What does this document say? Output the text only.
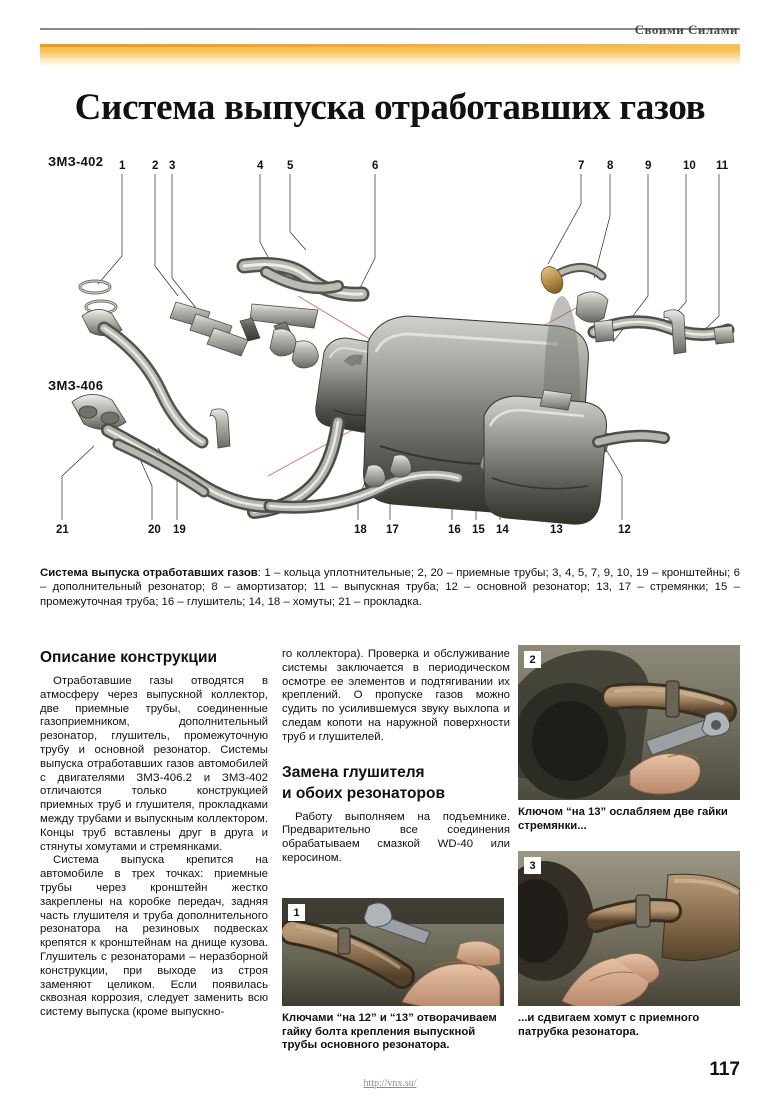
Своими Силами
Система выпуска отработавших газов
ЗМЗ-402
ЗМЗ-406
1 2 3	4 5	6	7 8	9	10 11
21	20 19	18 17	16 15 14	13	12
Система выпуска отработавших газов: 1 – кольца уплотнительные; 2, 20 – приемные трубы; 3, 4, 5, 7, 9, 10, 19 – кронштейны; 6 – дополнительный резонатор; 8 – амортизатор; 11 – выпускная труба; 12 – основной резонатор; 13, 17 – стремянки; 15 – промежуточная труба; 16 – глушитель; 14, 18 – хомуты; 21 – прокладка.
Описание конструкции

Отработавшие газы отводятся в атмосферу через выпускной коллектор, две приемные трубы, соединенные газоприемником, дополнительный резонатор, глушитель, промежуточную трубу и основной резонатор. Системы выпуска отработавших газов автомобилей с двигателями ЗМЗ-406.2 и ЗМЗ-402 отличаются только конструкцией приемных труб и глушителя, прокладками между трубами и выпускным коллектором. Концы труб вставлены друг в друга и стянуты хомутами и стремянками.

Система выпуска крепится на автомобиле в трех точках: приемные трубы через кронштейн жестко закреплены на коробке передач, задняя часть глушителя и труба дополнительного резонатора на резиновых подвесках крепятся к кронштейнам на днище кузова. Глушитель с резонаторами – неразборной конструкции, при выходе из строя заменяют целиком. Если появилась сквозная коррозия, следует заменить всю систему выпуска (кроме выпускно-

го коллектора). Проверка и обслуживание системы заключается в периодическом осмотре ее элементов и подтягивании их креплений. О пропуске газов можно судить по усилившемуся звуку выхлопа и следам копоти на наружной поверхности труб и глушителей.

Замена глушителя
и обоих резонаторов

Работу выполняем на подъемнике. Предварительно все соединения обрабатываем смазкой WD-40 или керосином.

2
Ключом “на 13” ослабляем две гайки стремянки...
3
...и сдвигаем хомут с приемного патрубка резонатора.
1
Ключами “на 12” и “13” отворачиваем гайку болта крепления выпускной трубы основного резонатора.
http://vnx.su/
117
